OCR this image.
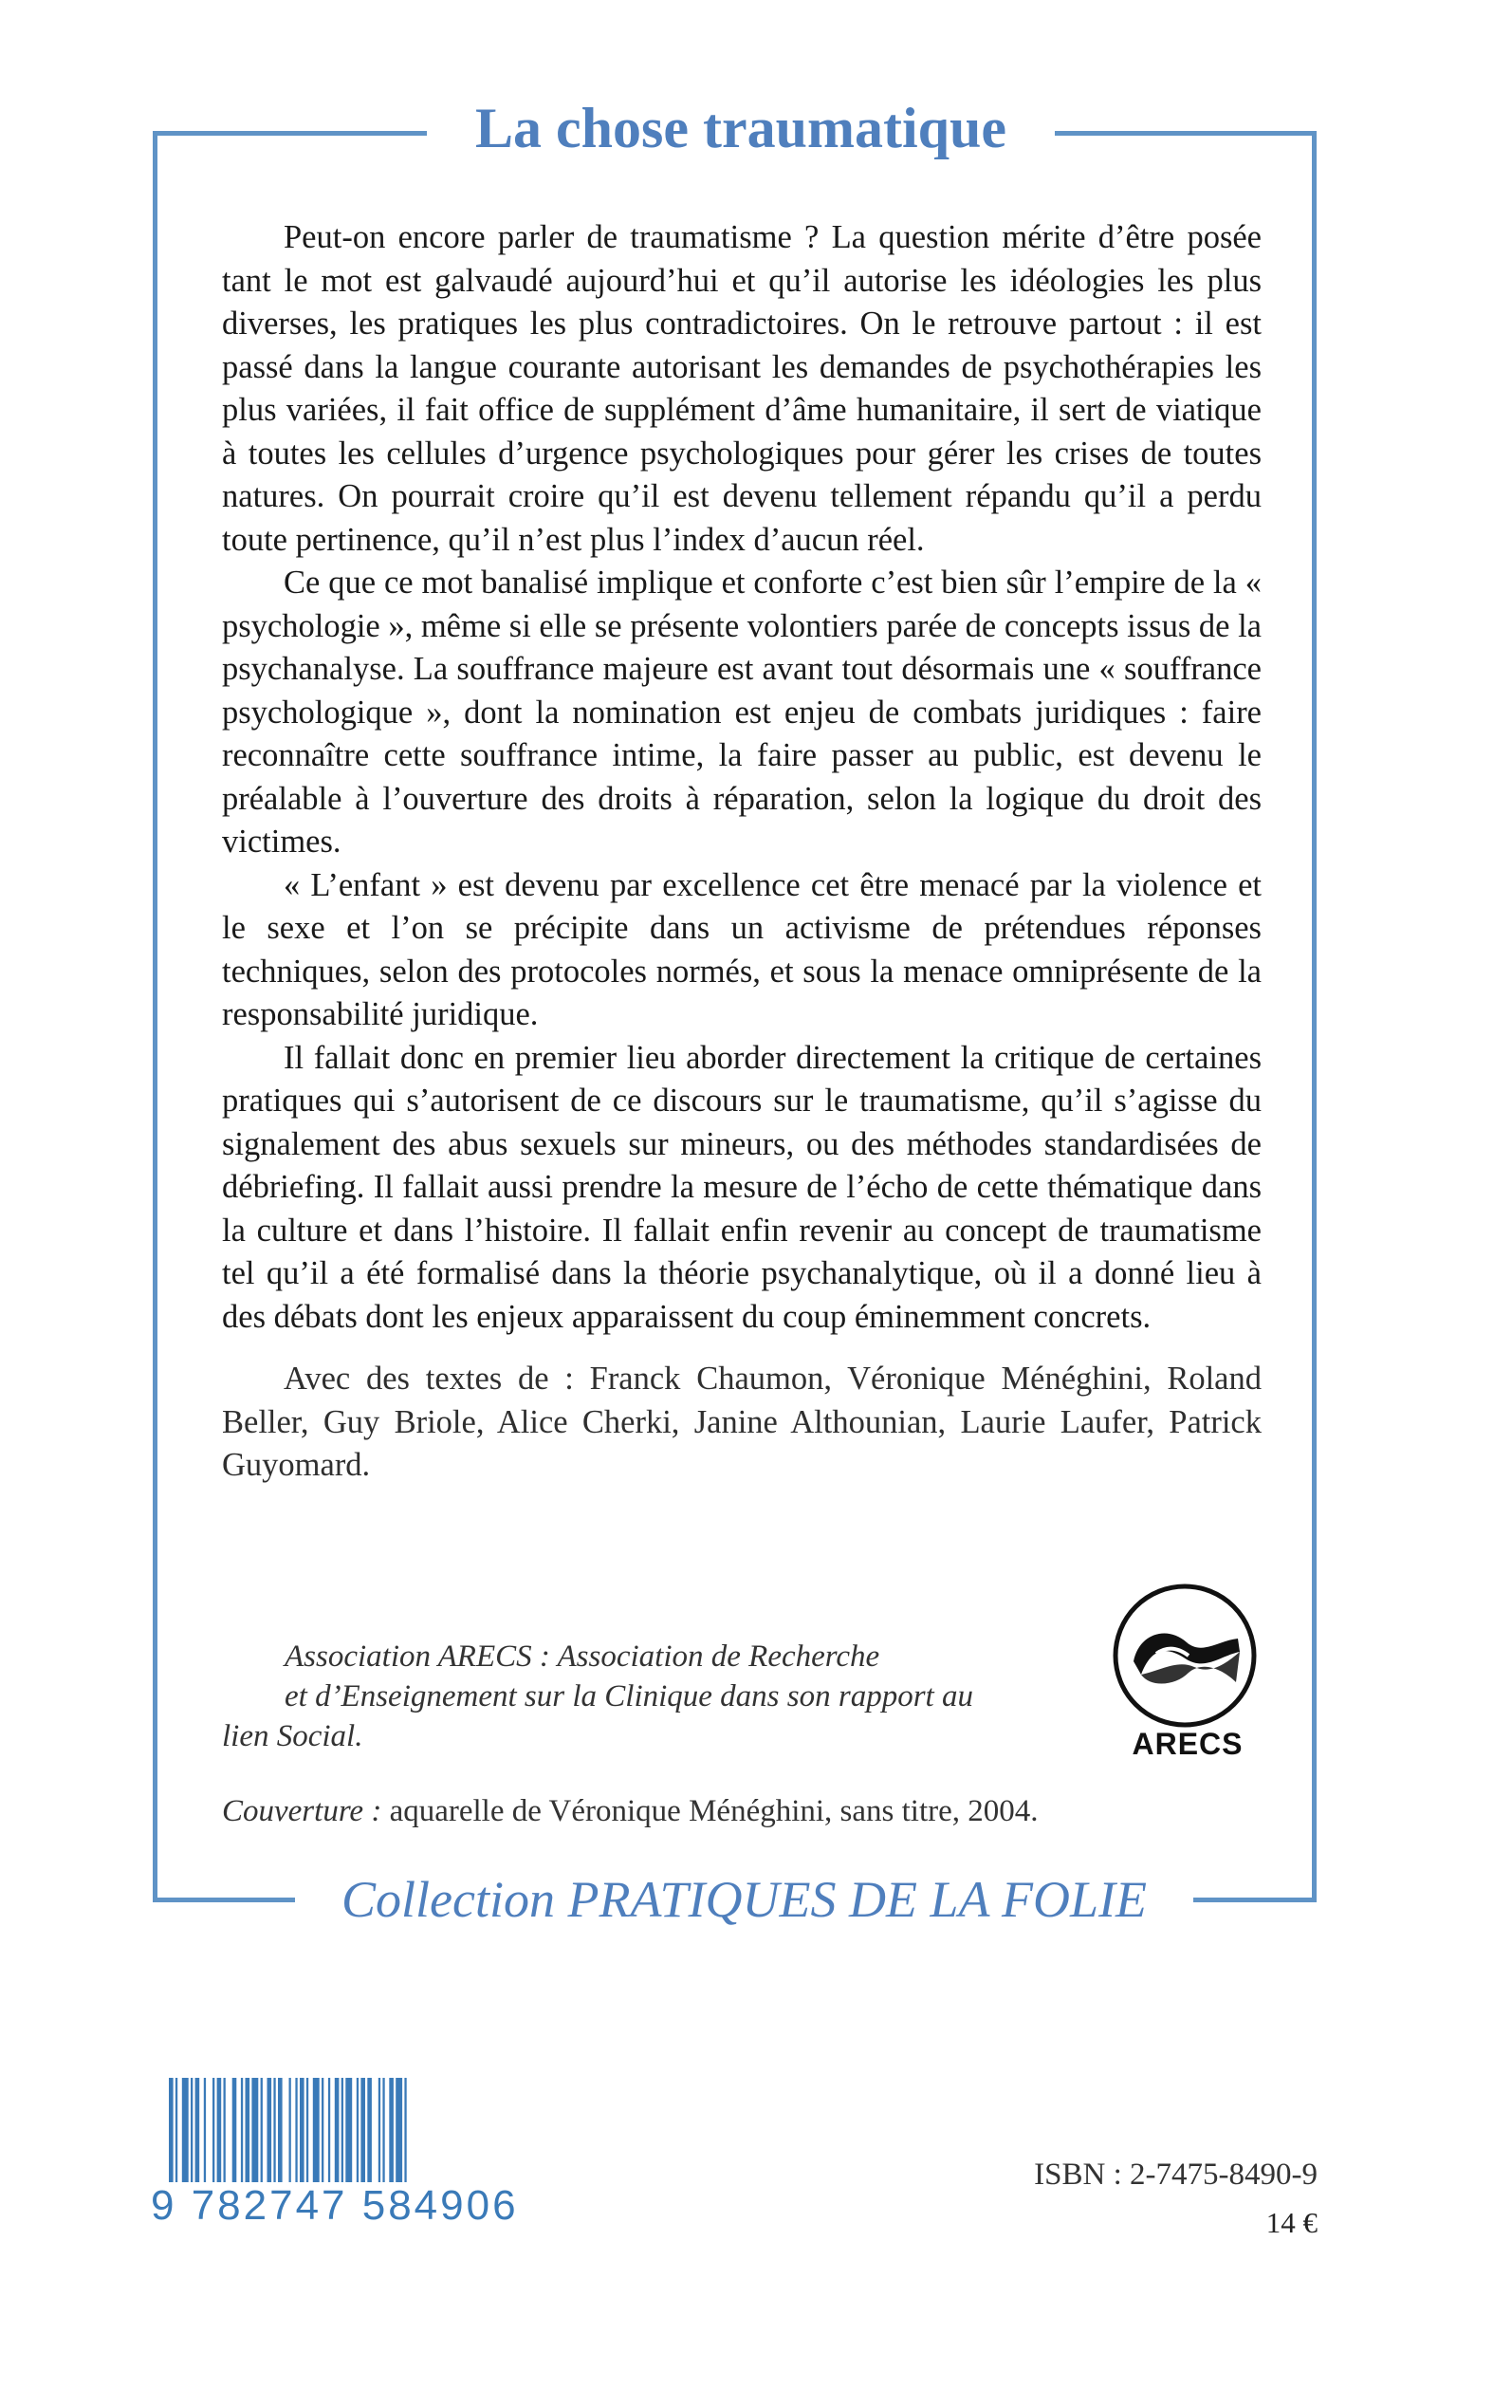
La chose traumatique

Peut-on encore parler de traumatisme ? La question mérite d’être posée tant le mot est galvaudé aujourd’hui et qu’il autorise les idéologies les plus diverses, les pratiques les plus contradictoires. On le retrouve partout : il est passé dans la langue courante autorisant les demandes de psychothérapies les plus variées, il fait office de supplément d’âme humanitaire, il sert de viatique à toutes les cellules d’urgence psychologiques pour gérer les crises de toutes natures. On pourrait croire qu’il est devenu tellement répandu qu’il a perdu toute pertinence, qu’il n’est plus l’index d’aucun réel.

Ce que ce mot banalisé implique et conforte c’est bien sûr l’empire de la « psychologie », même si elle se présente volontiers parée de concepts issus de la psychanalyse. La souffrance majeure est avant tout désormais une « souffrance psychologique », dont la nomination est enjeu de combats juridiques : faire reconnaître cette souffrance intime, la faire passer au public, est devenu le préalable à l’ouverture des droits à réparation, selon la logique du droit des victimes.

« L’enfant » est devenu par excellence cet être menacé par la violence et le sexe et l’on se précipite dans un activisme de prétendues réponses techniques, selon des protocoles normés, et sous la menace omniprésente de la responsabilité juridique.

Il fallait donc en premier lieu aborder directement la critique de certaines pratiques qui s’autorisent de ce discours sur le traumatisme, qu’il s’agisse du signalement des abus sexuels sur mineurs, ou des méthodes standardisées de débriefing. Il fallait aussi prendre la mesure de l’écho de cette thématique dans la culture et dans l’histoire. Il fallait enfin revenir au concept de traumatisme tel qu’il a été formalisé dans la théorie psychanalytique, où il a donné lieu à des débats dont les enjeux apparaissent du coup éminemment concrets.

Avec des textes de : Franck Chaumon, Véronique Ménéghini, Roland Beller, Guy Briole, Alice Cherki, Janine Althounian, Laurie Laufer, Patrick Guyomard.

Association ARECS : Association de Recherche
et d’Enseignement sur la Clinique dans son rapport au
lien Social.
Couverture : aquarelle de Véronique Ménéghini, sans titre, 2004.
ARECS
Collection PRATIQUES DE LA FOLIE
9 782747 584906
ISBN : 2-7475-8490-9
14 €
